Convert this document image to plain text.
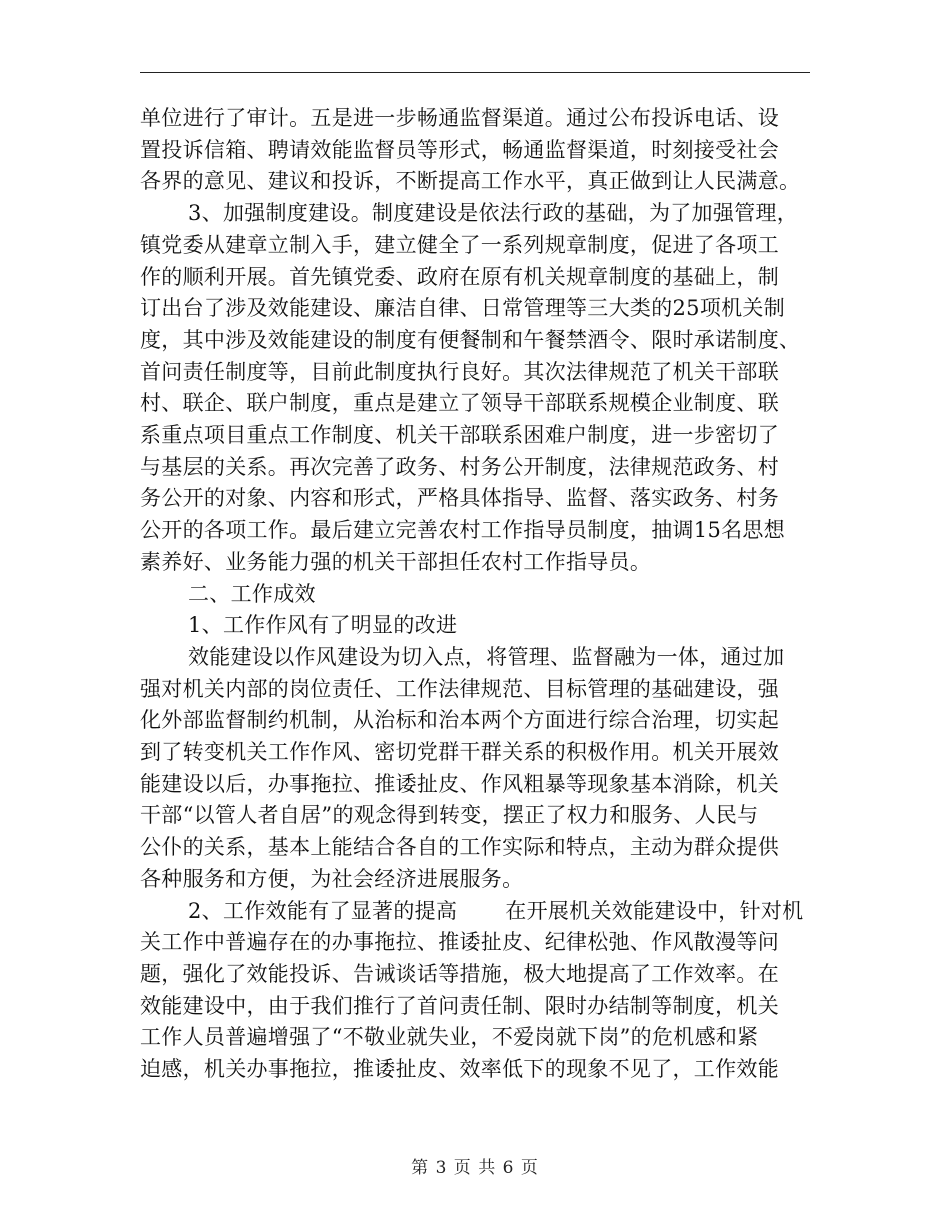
单位进行了审计。五是进一步畅通监督渠道。通过公布投诉电话、设
置投诉信箱、聘请效能监督员等形式，畅通监督渠道，时刻接受社会
各界的意见、建议和投诉，不断提高工作水平，真正做到让人民满意。
3、加强制度建设。制度建设是依法行政的基础，为了加强管理，
镇党委从建章立制入手，建立健全了一系列规章制度，促进了各项工
作的顺利开展。首先镇党委、政府在原有机关规章制度的基础上，制
订出台了涉及效能建设、廉洁自律、日常管理等三大类的25项机关制
度，其中涉及效能建设的制度有便餐制和午餐禁酒令、限时承诺制度、
首问责任制度等，目前此制度执行良好。其次法律规范了机关干部联
村、联企、联户制度，重点是建立了领导干部联系规模企业制度、联
系重点项目重点工作制度、机关干部联系困难户制度，进一步密切了
与基层的关系。再次完善了政务、村务公开制度，法律规范政务、村
务公开的对象、内容和形式，严格具体指导、监督、落实政务、村务
公开的各项工作。最后建立完善农村工作指导员制度，抽调15名思想
素养好、业务能力强的机关干部担任农村工作指导员。
二、工作成效
1、工作作风有了明显的改进
效能建设以作风建设为切入点，将管理、监督融为一体，通过加
强对机关内部的岗位责任、工作法律规范、目标管理的基础建设，强
化外部监督制约机制，从治标和治本两个方面进行综合治理，切实起
到了转变机关工作作风、密切党群干群关系的积极作用。机关开展效
能建设以后，办事拖拉、推诿扯皮、作风粗暴等现象基本消除，机关
干部“以管人者自居”的观念得到转变，摆正了权力和服务、人民与
公仆的关系，基本上能结合各自的工作实际和特点，主动为群众提供
各种服务和方便，为社会经济进展服务。
2、工作效能有了显著的提高 在开展机关效能建设中，针对机
关工作中普遍存在的办事拖拉、推诿扯皮、纪律松弛、作风散漫等问
题，强化了效能投诉、告诫谈话等措施，极大地提高了工作效率。在
效能建设中，由于我们推行了首问责任制、限时办结制等制度，机关
工作人员普遍增强了“不敬业就失业，不爱岗就下岗”的危机感和紧
迫感，机关办事拖拉，推诿扯皮、效率低下的现象不见了，工作效能
第 3 页 共 6 页
